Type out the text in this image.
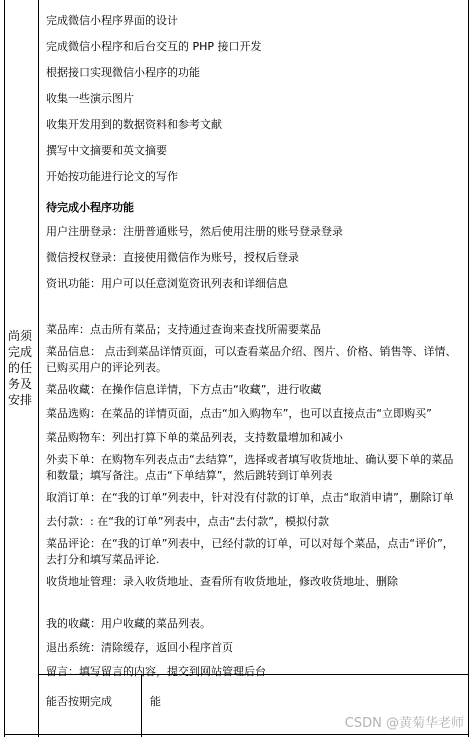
尚须
完成
的任
务及
安排
完成微信小程序界面的设计
完成微信小程序和后台交互的 PHP 接口开发
根据接口实现微信小程序的功能
收集一些演示图片
收集开发用到的数据资料和参考文献
撰写中文摘要和英文摘要
开始按功能进行论文的写作
待完成小程序功能
用户注册登录：注册普通账号，然后使用注册的账号登录登录
微信授权登录：直接使用微信作为账号，授权后登录
资讯功能：用户可以任意浏览资讯列表和详细信息
菜品库：点击所有菜品；支持通过查询来查找所需要菜品
菜品信息： 点击到菜品详情页面，可以查看菜品介绍、图片、价格、销售等、详情、已购买用户的评论列表。
菜品收藏：在操作信息详情，下方点击“收藏”，进行收藏
菜品选购：在菜品的详情页面，点击“加入购物车”，也可以直接点击“立即购买”
菜品购物车：列出打算下单的菜品列表，支持数量增加和减小
外卖下单：在购物车列表点击“去结算”，选择或者填写收货地址、确认要下单的菜品和数量；填写备注。点击“下单结算”，然后跳转到订单列表
取消订单：在“我的订单”列表中，针对没有付款的订单，点击“取消申请”，删除订单
去付款：: 在“我的订单”列表中，点击“去付款”，模拟付款
菜品评论：在“我的订单”列表中，已经付款的订单，可以对每个菜品，点击“评价”，去打分和填写菜品评论.
收货地址管理：录入收货地址、查看所有收货地址，修改收货地址、删除
我的收藏：用户收藏的菜品列表。
退出系统：清除缓存，返回小程序首页
留言：填写留言的内容，提交到网站管理后台
能否按期完成	能
CSDN @黄菊华老师
